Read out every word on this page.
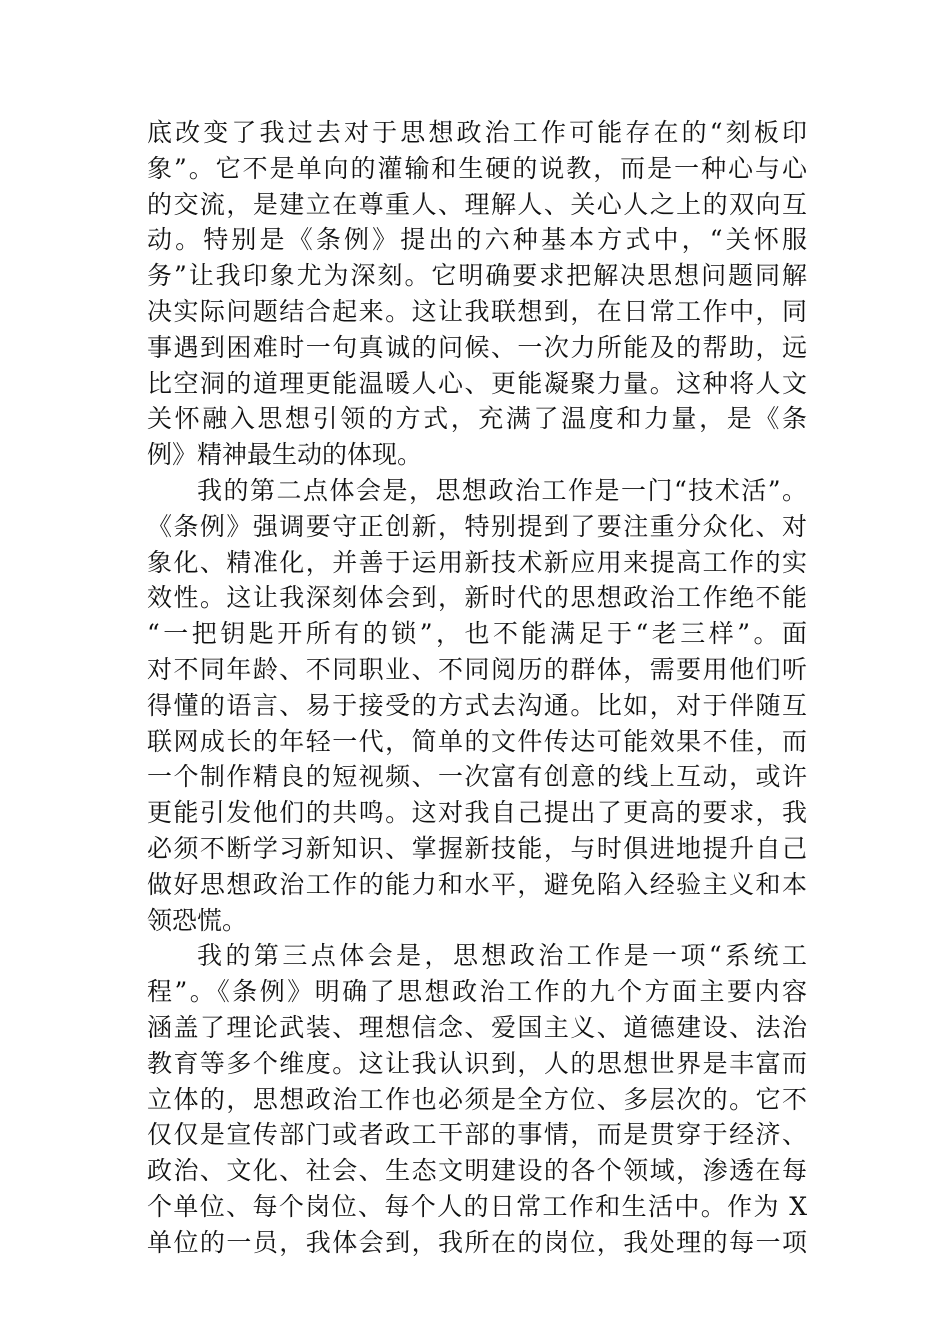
底改变了我过去对于思想政治工作可能存在的“刻板印
象”。它不是单向的灌输和生硬的说教，而是一种心与心
的交流，是建立在尊重人、理解人、关心人之上的双向互
动。特别是《条例》提出的六种基本方式中，“关怀服
务”让我印象尤为深刻。它明确要求把解决思想问题同解
决实际问题结合起来。这让我联想到，在日常工作中，同
事遇到困难时一句真诚的问候、一次力所能及的帮助，远
比空洞的道理更能温暖人心、更能凝聚力量。这种将人文
关怀融入思想引领的方式，充满了温度和力量，是《条
例》精神最生动的体现。
我的第二点体会是，思想政治工作是一门“技术活”。
《条例》强调要守正创新，特别提到了要注重分众化、对
象化、精准化，并善于运用新技术新应用来提高工作的实
效性。这让我深刻体会到，新时代的思想政治工作绝不能
“一把钥匙开所有的锁”，也不能满足于“老三样”。面
对不同年龄、不同职业、不同阅历的群体，需要用他们听
得懂的语言、易于接受的方式去沟通。比如，对于伴随互
联网成长的年轻一代，简单的文件传达可能效果不佳，而
一个制作精良的短视频、一次富有创意的线上互动，或许
更能引发他们的共鸣。这对我自己提出了更高的要求，我
必须不断学习新知识、掌握新技能，与时俱进地提升自己
做好思想政治工作的能力和水平，避免陷入经验主义和本
领恐慌。
我的第三点体会是，思想政治工作是一项“系统工
程”。《条例》明确了思想政治工作的九个方面主要内容
涵盖了理论武装、理想信念、爱国主义、道德建设、法治
教育等多个维度。这让我认识到，人的思想世界是丰富而
立体的，思想政治工作也必须是全方位、多层次的。它不
仅仅是宣传部门或者政工干部的事情，而是贯穿于经济、
政治、文化、社会、生态文明建设的各个领域，渗透在每
个单位、每个岗位、每个人的日常工作和生活中。作为 X
单位的一员，我体会到，我所在的岗位，我处理的每一项
